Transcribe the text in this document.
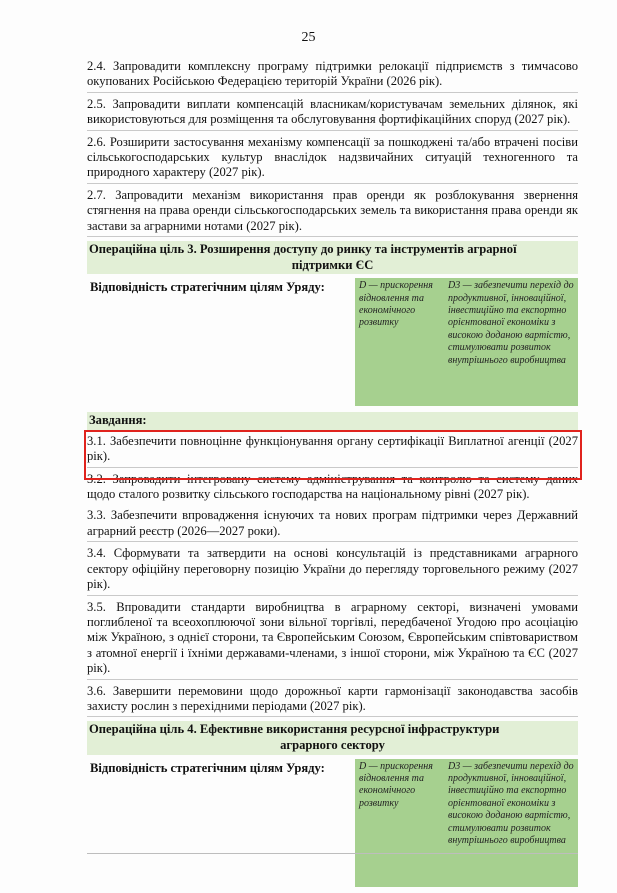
25
2.4. Запровадити комплексну програму підтримки релокації підприємств з тимчасово окупованих Російською Федерацією територій України (2026 рік).
2.5. Запровадити виплати компенсацій власникам/користувачам земельних ділянок, які використовуються для розміщення та обслуговування фортифікаційних споруд (2027 рік).
2.6. Розширити застосування механізму компенсації за пошкоджені та/або втрачені посіви сільськогосподарських культур внаслідок надзвичайних ситуацій техногенного та природного характеру (2027 рік).
2.7. Запровадити механізм використання прав оренди як розблокування звернення стягнення на права оренди сільськогосподарських земель та використання права оренди як застави за аграрними нотами (2027 рік).
Операційна ціль 3. Розширення доступу до ринку та інструментів аграрної
підтримки ЄС
Відповідність стратегічним цілям Уряду:	D — прискорення відновлення та економічного розвитку
D3 — забезпечити перехід до продуктивної, інноваційної, інвестиційно та експортно орієнтованої економіки з високою доданою вартістю, стимулювати розвиток внутрішнього виробництва
Завдання:
3.1. Забезпечити повноцінне функціонування органу сертифікації Виплатної агенції (2027 рік).
3.2. Запровадити інтегровану систему адміністрування та контролю та систему даних щодо сталого розвитку сільського господарства на національному рівні (2027 рік).
3.3. Забезпечити впровадження існуючих та нових програм підтримки через Державний аграрний реєстр (2026—2027 роки).
3.4. Сформувати та затвердити на основі консультацій із представниками аграрного сектору офіційну переговорну позицію України до перегляду торговельного режиму (2027 рік).
3.5. Впровадити стандарти виробництва в аграрному секторі, визначені умовами поглибленої та всеохоплюючої зони вільної торгівлі, передбаченої Угодою про асоціацію між Україною, з однієї сторони, та Європейським Союзом, Європейським співтовариством з атомної енергії і їхніми державами-членами, з іншої сторони, між Україною та ЄС (2027 рік).
3.6. Завершити перемовини щодо дорожньої карти гармонізації законодавства засобів захисту рослин з перехідними періодами (2027 рік).
Операційна ціль 4. Ефективне використання ресурсної інфраструктури
аграрного сектору
Відповідність стратегічним цілям Уряду:	D — прискорення відновлення та економічного розвитку
D3 — забезпечити перехід до продуктивної, інноваційної, інвестиційно та експортно орієнтованої економіки з високою доданою вартістю, стимулювати розвиток внутрішнього виробництва
